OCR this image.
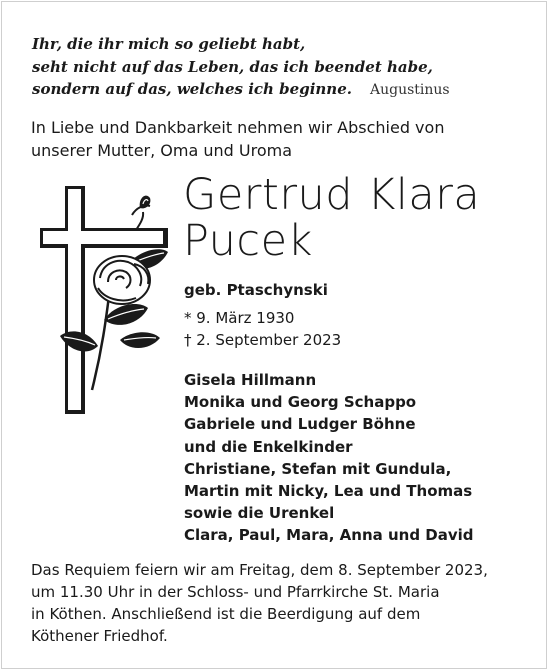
Ihr, die ihr mich so geliebt habt,
seht nicht auf das Leben, das ich beendet habe,
sondern auf das, welches ich beginne. Augustinus
In Liebe und Dankbarkeit nehmen wir Abschied von
unserer Mutter, Oma und Uroma
Gertrud Klara
Pucek
geb. Ptaschynski
* 9. März 1930
† 2. September 2023
Gisela Hillmann
Monika und Georg Schappo
Gabriele und Ludger Böhne
und die Enkelkinder
Christiane, Stefan mit Gundula,
Martin mit Nicky, Lea und Thomas
sowie die Urenkel
Clara, Paul, Mara, Anna und David
Das Requiem feiern wir am Freitag, dem 8. September 2023,
um 11.30 Uhr in der Schloss- und Pfarrkirche St. Maria
in Köthen. Anschließend ist die Beerdigung auf dem
Köthener Friedhof.
